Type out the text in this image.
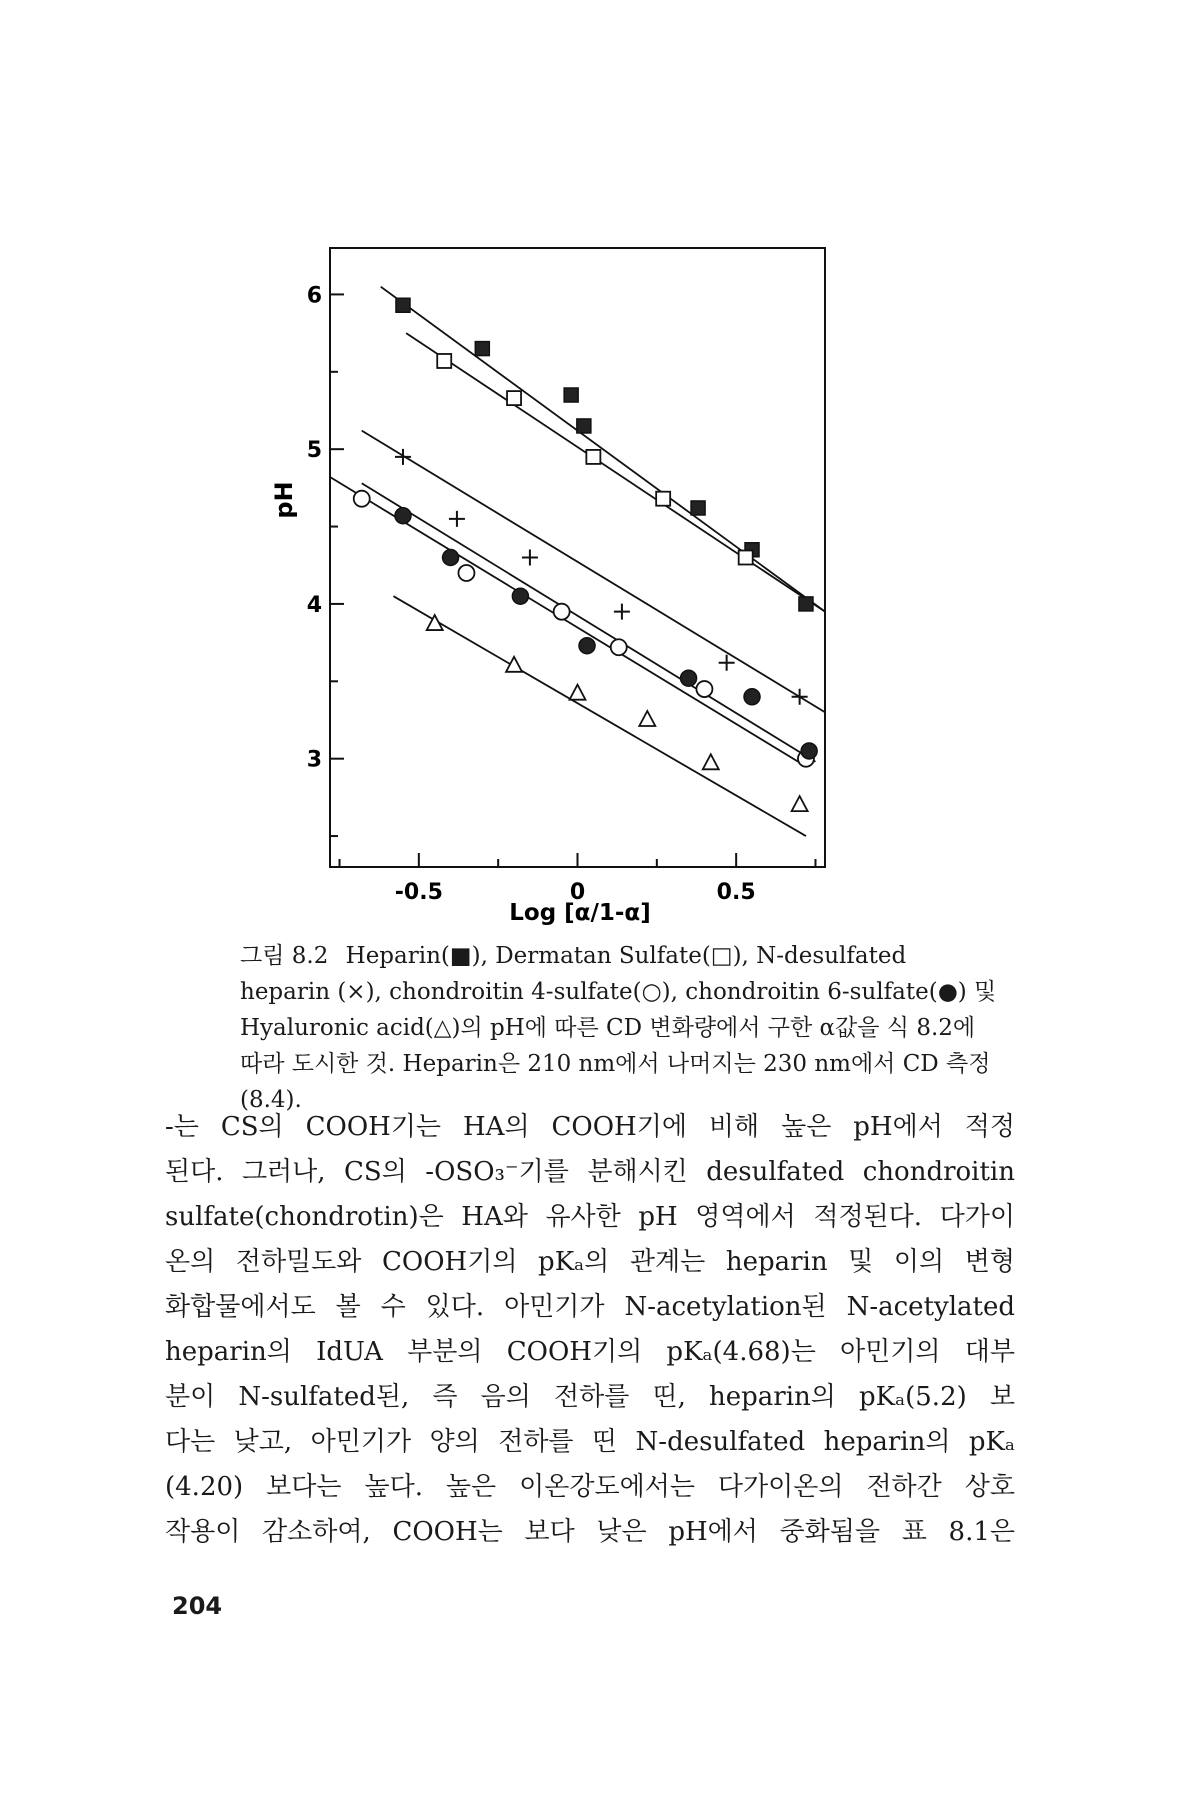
3
4
5
6
-0.5	0	0.5
pH
Log [α/1-α]
그림 8.2 Heparin(■), Dermatan Sulfate(□), N-desulfated heparin (×), chondroitin 4-sulfate(○), chondroitin 6-sulfate(●) 및 Hyaluronic acid(△)의 pH에 따른 CD 변화량에서 구한 α값을 식 8.2에 따라 도시한 것. Heparin은 210 nm에서 나머지는 230 nm에서 CD 측정(8.4).

-는 CS의 COOH기는 HA의 COOH기에 비해 높은 pH에서 적정

된다. 그러나, CS의 -OSO₃⁻기를 분해시킨 desulfated chondroitin

sulfate(chondrotin)은 HA와 유사한 pH 영역에서 적정된다. 다가이

온의 전하밀도와 COOH기의 pKₐ의 관계는 heparin 및 이의 변형

화합물에서도 볼 수 있다. 아민기가 N-acetylation된 N-acetylated

heparin의 IdUA 부분의 COOH기의 pKₐ(4.68)는 아민기의 대부

분이 N-sulfated된, 즉 음의 전하를 띤, heparin의 pKₐ(5.2) 보

다는 낮고, 아민기가 양의 전하를 띤 N-desulfated heparin의 pKₐ

(4.20) 보다는 높다. 높은 이온강도에서는 다가이온의 전하간 상호

작용이 감소하여, COOH는 보다 낮은 pH에서 중화됨을 표 8.1은

204
